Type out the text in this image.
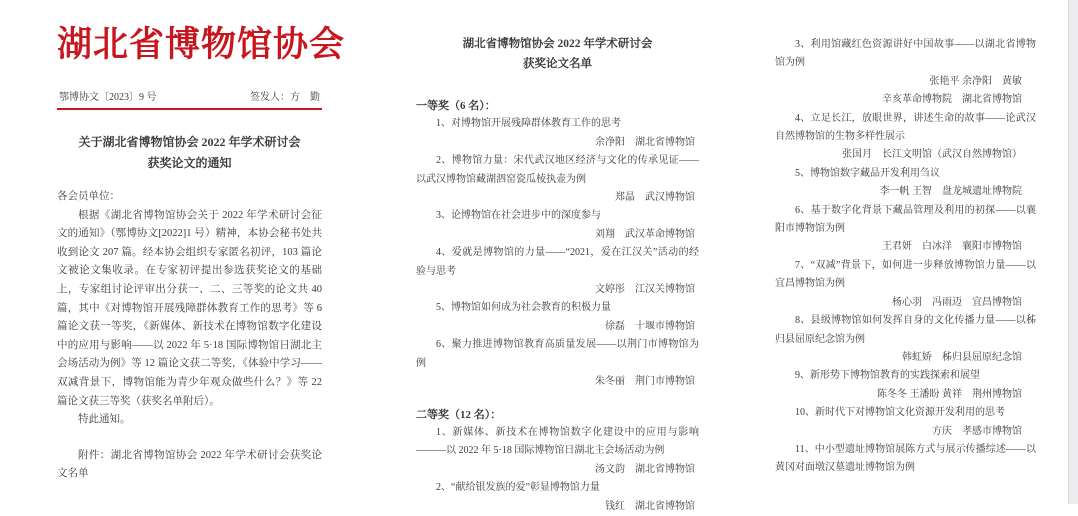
湖北省博物馆协会
鄂博协文〔2023〕9 号	签发人：方　勤
关于湖北省博物馆协会 2022 年学术研讨会
获奖论文的通知
各会员单位：
根据《湖北省博物馆协会关于 2022 年学术研讨会征文的通知》（鄂博协文[2022]1 号）精神，本协会秘书处共收到论文 207 篇。经本协会组织专家匿名初评，103 篇论文被论文集收录。在专家初评提出参选获奖论文的基础上，专家组讨论评审出分获一、二、三等奖的论文共 40 篇，其中《对博物馆开展残障群体教育工作的思考》等 6 篇论文获一等奖，《新媒体、新技术在博物馆数字化建设中的应用与影响——以 2022 年 5·18 国际博物馆日湖北主会场活动为例》等 12 篇论文获二等奖，《体验中学习——双减背景下，博物馆能为青少年观众做些什么？》等 22 篇论文获三等奖（获奖名单附后）。
特此通知。
附件：湖北省博物馆协会 2022 年学术研讨会获奖论文名单
湖北省博物馆协会 2022 年学术研讨会
获奖论文名单
一等奖（6 名）：
1、对博物馆开展残障群体教育工作的思考
余净阳　湖北省博物馆
2、博物馆力量：宋代武汉地区经济与文化的传承见证——以武汉博物馆藏湖泗窑瓷瓜棱执壶为例
郑晶　武汉博物馆
3、论博物馆在社会进步中的深度参与
刘翔　武汉革命博物馆
4、爱就是博物馆的力量——“2021，爱在江汉关”活动的经验与思考
文婷彤　江汉关博物馆
5、博物馆如何成为社会教育的积极力量
徐磊　十堰市博物馆
6、聚力推进博物馆教育高质量发展——以荆门市博物馆为例
朱冬丽　荆门市博物馆
二等奖（12 名）：
1、新媒体、新技术在博物馆数字化建设中的应用与影响———以 2022 年 5·18 国际博物馆日湖北主会场活动为例
汤文韵　湖北省博物馆
2、“献给银发族的爱”彰显博物馆力量
钱红　湖北省博物馆
3、利用馆藏红色资源讲好中国故事——以湖北省博物馆为例
张艳平 余净阳　黄敏
辛亥革命博物院　湖北省博物馆
4、立足长江，放眼世界，讲述生命的故事——论武汉自然博物馆的生物多样性展示
张国月　长江文明馆（武汉自然博物馆）
5、博物馆数字藏品开发利用刍议
李一帆 王智　盘龙城遗址博物院
6、基于数字化背景下藏品管理及利用的初探——以襄阳市博物馆为例
王君妍　白冰洋　襄阳市博物馆
7、“双减”背景下，如何进一步释放博物馆力量——以宜昌博物馆为例
杨心羽　冯雨迈　宜昌博物馆
8、县级博物馆如何发挥自身的文化传播力量——以秭归县屈原纪念馆为例
韩虹娇　秭归县屈原纪念馆
9、新形势下博物馆教育的实践探索和展望
陈冬冬 王潘盼 黄祥　荆州博物馆
10、新时代下对博物馆文化资源开发利用的思考
方庆　孝感市博物馆
11、中小型遗址博物馆展陈方式与展示传播综述——以黄冈对面墩汉墓遗址博物馆为例
